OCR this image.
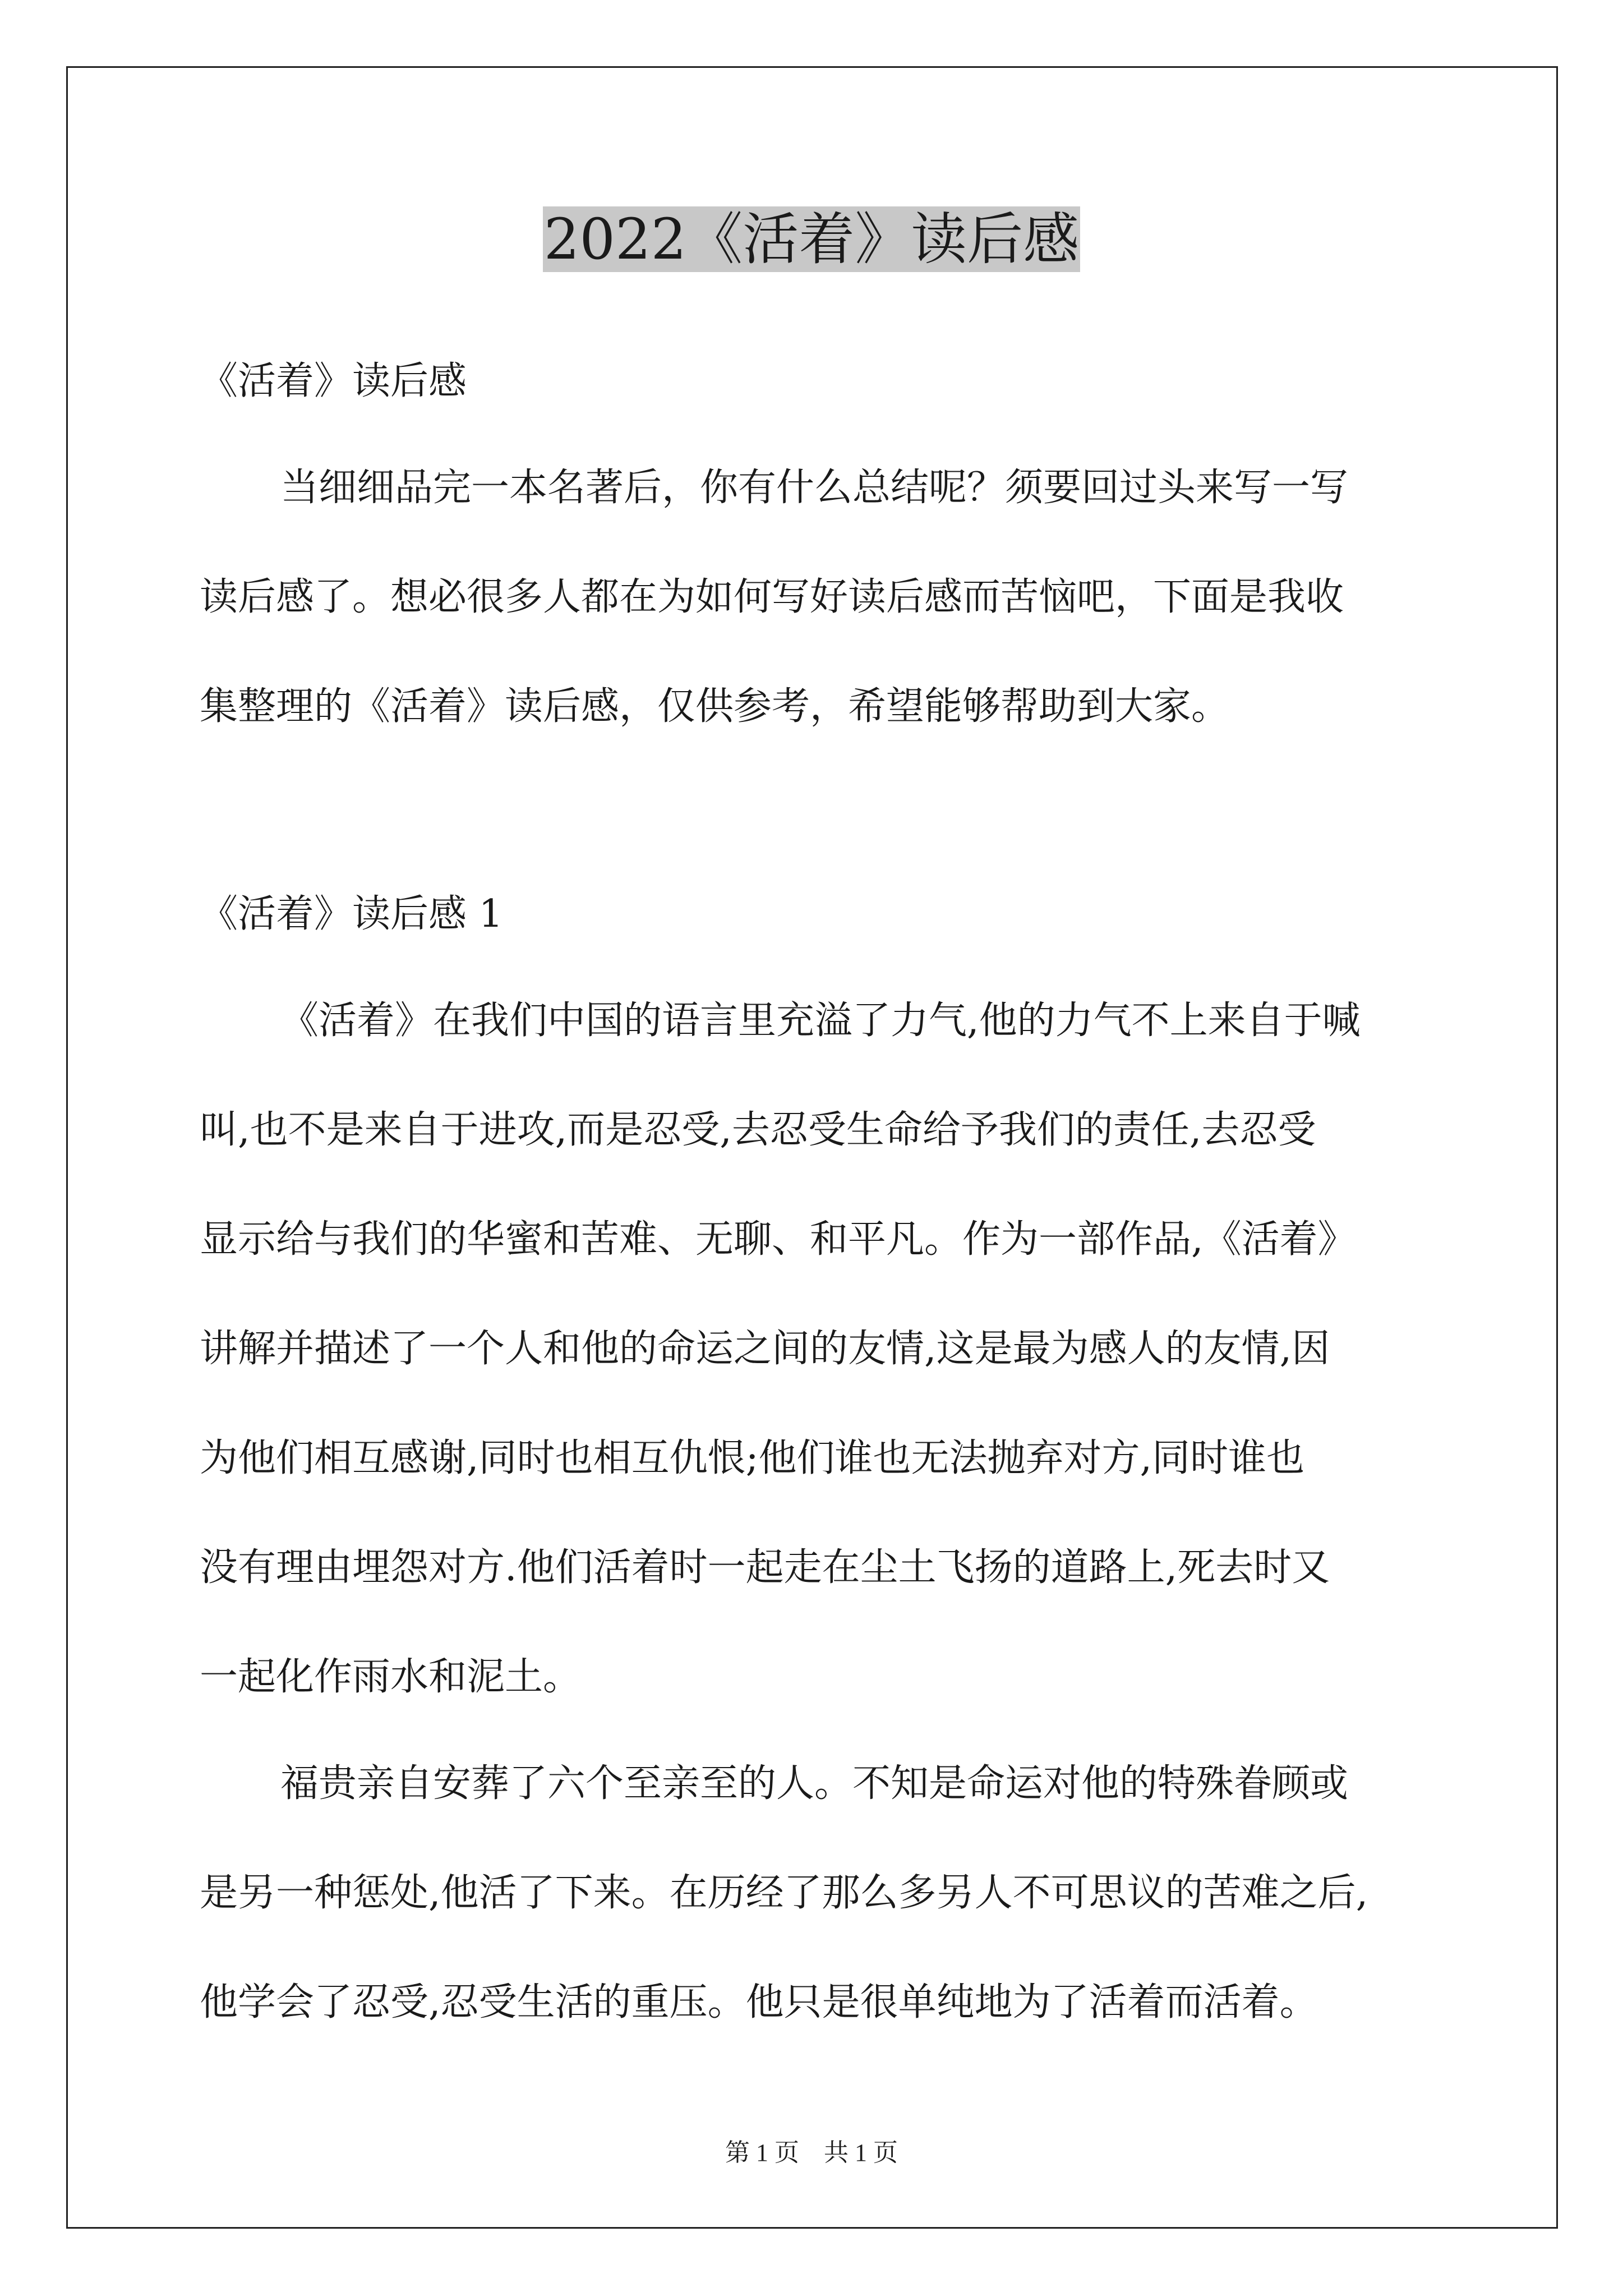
2022《活着》读后感
《活着》读后感
当细细品完一本名著后，你有什么总结呢？须要回过头来写一写
读后感了。想必很多人都在为如何写好读后感而苦恼吧，下面是我收
集整理的《活着》读后感，仅供参考，希望能够帮助到大家。
《活着》读后感 1
《活着》在我们中国的语言里充溢了力气,他的力气不上来自于喊
叫,也不是来自于进攻,而是忍受,去忍受生命给予我们的责任,去忍受
显示给与我们的华蜜和苦难、无聊、和平凡。作为一部作品,《活着》
讲解并描述了一个人和他的命运之间的友情,这是最为感人的友情,因
为他们相互感谢,同时也相互仇恨;他们谁也无法抛弃对方,同时谁也
没有理由埋怨对方.他们活着时一起走在尘土飞扬的道路上,死去时又
一起化作雨水和泥土。
福贵亲自安葬了六个至亲至的人。不知是命运对他的特殊眷顾或
是另一种惩处,他活了下来。在历经了那么多另人不可思议的苦难之后,
他学会了忍受,忍受生活的重压。他只是很单纯地为了活着而活着。
第 1 页　共 1 页
